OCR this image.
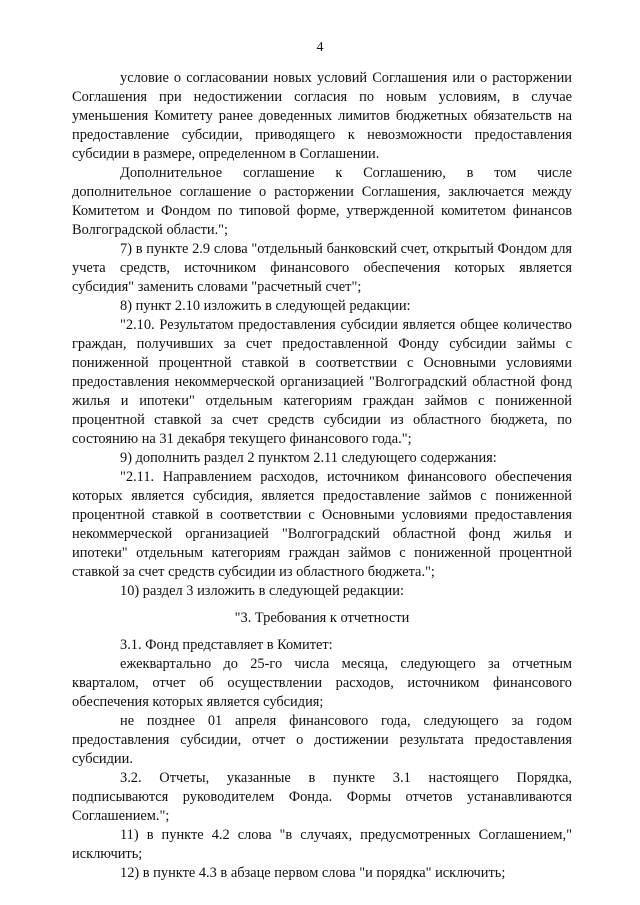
4

условие о согласовании новых условий Соглашения или о расторжении Соглашения при недостижении согласия по новым условиям, в случае уменьшения Комитету ранее доведенных лимитов бюджетных обязательств на предоставление субсидии, приводящего к невозможности предоставления субсидии в размере, определенном в Соглашении.

Дополнительное соглашение к Соглашению, в том числе дополнительное соглашение о расторжении Соглашения, заключается между Комитетом и Фондом по типовой форме, утвержденной комитетом финансов Волгоградской области.";

7) в пункте 2.9 слова "отдельный банковский счет, открытый Фондом для учета средств, источником финансового обеспечения которых является субсидия" заменить словами "расчетный счет";

8) пункт 2.10 изложить в следующей редакции:

"2.10. Результатом предоставления субсидии является общее количество граждан, получивших за счет предоставленной Фонду субсидии займы с пониженной процентной ставкой в соответствии с Основными условиями предоставления некоммерческой организацией "Волгоградский областной фонд жилья и ипотеки" отдельным категориям граждан займов с пониженной процентной ставкой за счет средств субсидии из областного бюджета, по состоянию на 31 декабря текущего финансового года.";

9) дополнить раздел 2 пунктом 2.11 следующего содержания:

"2.11. Направлением расходов, источником финансового обеспечения которых является субсидия, является предоставление займов с пониженной процентной ставкой в соответствии с Основными условиями предоставления некоммерческой организацией "Волгоградский областной фонд жилья и ипотеки" отдельным категориям граждан займов с пониженной процентной ставкой за счет средств субсидии из областного бюджета.";

10) раздел 3 изложить в следующей редакции:

"3. Требования к отчетности

3.1. Фонд представляет в Комитет:

ежеквартально до 25-го числа месяца, следующего за отчетным кварталом, отчет об осуществлении расходов, источником финансового обеспечения которых является субсидия;

не позднее 01 апреля финансового года, следующего за годом предоставления субсидии, отчет о достижении результата предоставления субсидии.

3.2. Отчеты, указанные в пункте 3.1 настоящего Порядка, подписываются руководителем Фонда. Формы отчетов устанавливаются Соглашением.";

11) в пункте 4.2 слова "в случаях, предусмотренных Соглашением," исключить;

12) в пункте 4.3 в абзаце первом слова "и порядка" исключить;
